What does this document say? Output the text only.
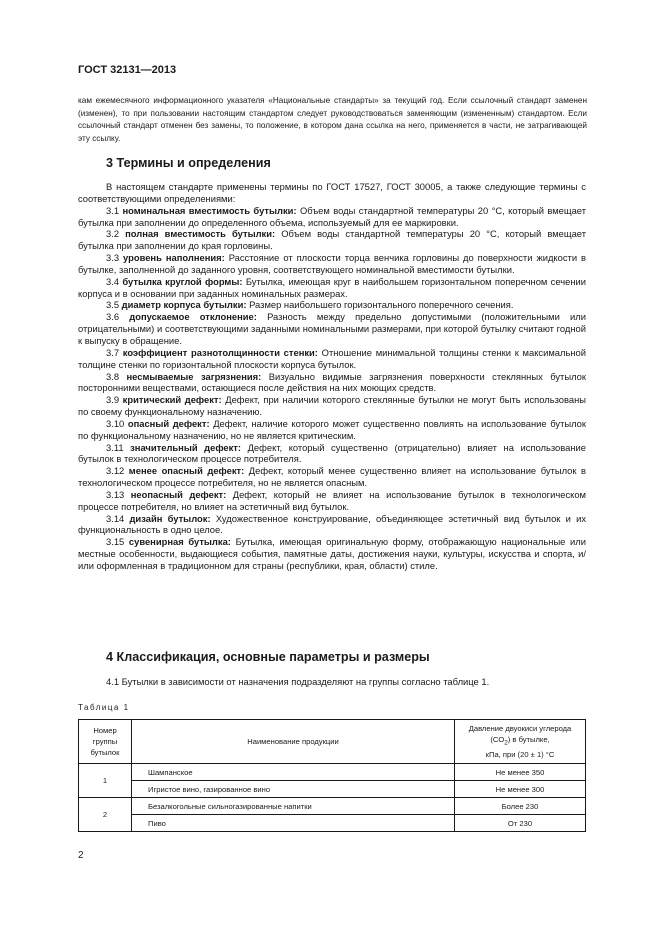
ГОСТ 32131—2013
кам ежемесячного информационного указателя «Национальные стандарты» за текущий год. Если ссылочный стандарт заменен (изменен), то при пользовании настоящим стандартом следует руководствоваться заменяющим (измененным) стандартом. Если ссылочный стандарт отменен без замены, то положение, в котором дана ссылка на него, применяется в части, не затрагивающей эту ссылку.
3 Термины и определения

В настоящем стандарте применены термины по ГОСТ 17527, ГОСТ 30005, а также следующие термины с соответствующими определениями:

3.1 номинальная вместимость бутылки: Объем воды стандартной температуры 20 °С, который вмещает бутылка при заполнении до определенного объема, используемый для ее маркировки.

3.2 полная вместимость бутылки: Объем воды стандартной температуры 20 °С, который вмещает бутылка при заполнении до края горловины.

3.3 уровень наполнения: Расстояние от плоскости торца венчика горловины до поверхности жидкости в бутылке, заполненной до заданного уровня, соответствующего номинальной вместимости бутылки.

3.4 бутылка круглой формы: Бутылка, имеющая круг в наибольшем горизонтальном поперечном сечении корпуса и в основании при заданных номинальных размерах.

3.5 диаметр корпуса бутылки: Размер наибольшего горизонтального поперечного сечения.

3.6 допускаемое отклонение: Разность между предельно допустимыми (положительными или отрицательными) и соответствующими заданными номинальными размерами, при которой бутылку считают годной к выпуску в обращение.

3.7 коэффициент разнотолщинности стенки: Отношение минимальной толщины стенки к максимальной толщине стенки по горизонтальной плоскости корпуса бутылок.

3.8 несмываемые загрязнения: Визуально видимые загрязнения поверхности стеклянных бутылок посторонними веществами, остающиеся после действия на них моющих средств.

3.9 критический дефект: Дефект, при наличии которого стеклянные бутылки не могут быть использованы по своему функциональному назначению.

3.10 опасный дефект: Дефект, наличие которого может существенно повлиять на использование бутылок по функциональному назначению, но не является критическим.

3.11 значительный дефект: Дефект, который существенно (отрицательно) влияет на использование бутылок в технологическом процессе потребителя.

3.12 менее опасный дефект: Дефект, который менее существенно влияет на использование бутылок в технологическом процессе потребителя, но не является опасным.

3.13 неопасный дефект: Дефект, который не влияет на использование бутылок в технологическом процессе потребителя, но влияет на эстетичный вид бутылок.

3.14 дизайн бутылок: Художественное конструирование, объединяющее эстетичный вид бутылок и их функциональность в одно целое.

3.15 сувенирная бутылка: Бутылка, имеющая оригинальную форму, отображающую национальные или местные особенности, выдающиеся события, памятные даты, достижения науки, культуры, искусства и спорта, и/или оформленная в традиционном для страны (республики, края, области) стиле.

4 Классификация, основные параметры и размеры
4.1 Бутылки в зависимости от назначения подразделяют на группы согласно таблице 1.
Таблица 1
Номер группы бутылок	Наименование продукции	Давление двуокиси углерода
$(CO_2)$ в бутылке,
кПа, при (20 ± 1) °С
1	Шампанское	Не менее 350
	Игристое вино, газированное вино	Не менее 300
2	Безалкогольные сильногазированные напитки	Более 230
	Пиво	От 230
2
